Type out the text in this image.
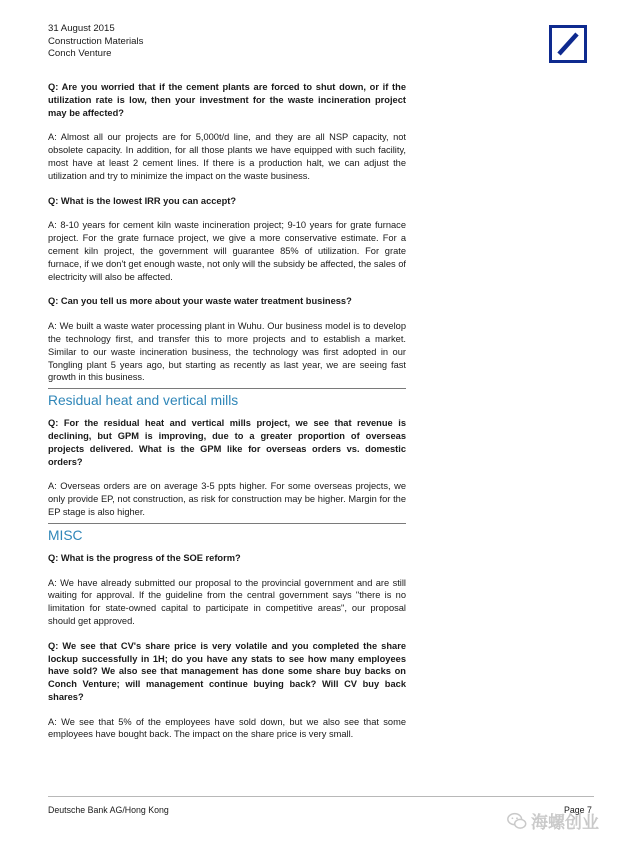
31 August 2015
Construction Materials
Conch Venture

Q: Are you worried that if the cement plants are forced to shut down, or if the utilization rate is low, then your investment for the waste incineration project may be affected?

A: Almost all our projects are for 5,000t/d line, and they are all NSP capacity, not obsolete capacity. In addition, for all those plants we have equipped with such facility, most have at least 2 cement lines. If there is a production halt, we can adjust the utilization and try to minimize the impact on the waste business.

Q: What is the lowest IRR you can accept?

A: 8-10 years for cement kiln waste incineration project; 9-10 years for grate furnace project. For the grate furnace project, we give a more conservative estimate. For a cement kiln project, the government will guarantee 85% of utilization. For grate furnace, if we don't get enough waste, not only will the subsidy be affected, the sales of electricity will also be affected.

Q: Can you tell us more about your waste water treatment business?

A: We built a waste water processing plant in Wuhu. Our business model is to develop the technology first, and transfer this to more projects and to establish a market. Similar to our waste incineration business, the technology was first adopted in our Tongling plant 5 years ago, but starting as recently as last year, we are seeing fast growth in this business.

Residual heat and vertical mills

Q: For the residual heat and vertical mills project, we see that revenue is declining, but GPM is improving, due to a greater proportion of overseas projects delivered. What is the GPM like for overseas orders vs. domestic orders?

A: Overseas orders are on average 3-5 ppts higher. For some overseas projects, we only provide EP, not construction, as risk for construction may be higher. Margin for the EP stage is also higher.

MISC

Q: What is the progress of the SOE reform?

A: We have already submitted our proposal to the provincial government and are still waiting for approval. If the guideline from the central government says "there is no limitation for state-owned capital to participate in competitive areas", our proposal should get approved.

Q: We see that CV's share price is very volatile and you completed the share lockup successfully in 1H; do you have any stats to see how many employees have sold? We also see that management has done some share buy backs on Conch Venture; will management continue buying back? Will CV buy back shares?

A: We see that 5% of the employees have sold down, but we also see that some employees have bought back. The impact on the share price is very small.

Deutsche Bank AG/Hong Kong	Page 7
海螺创业
